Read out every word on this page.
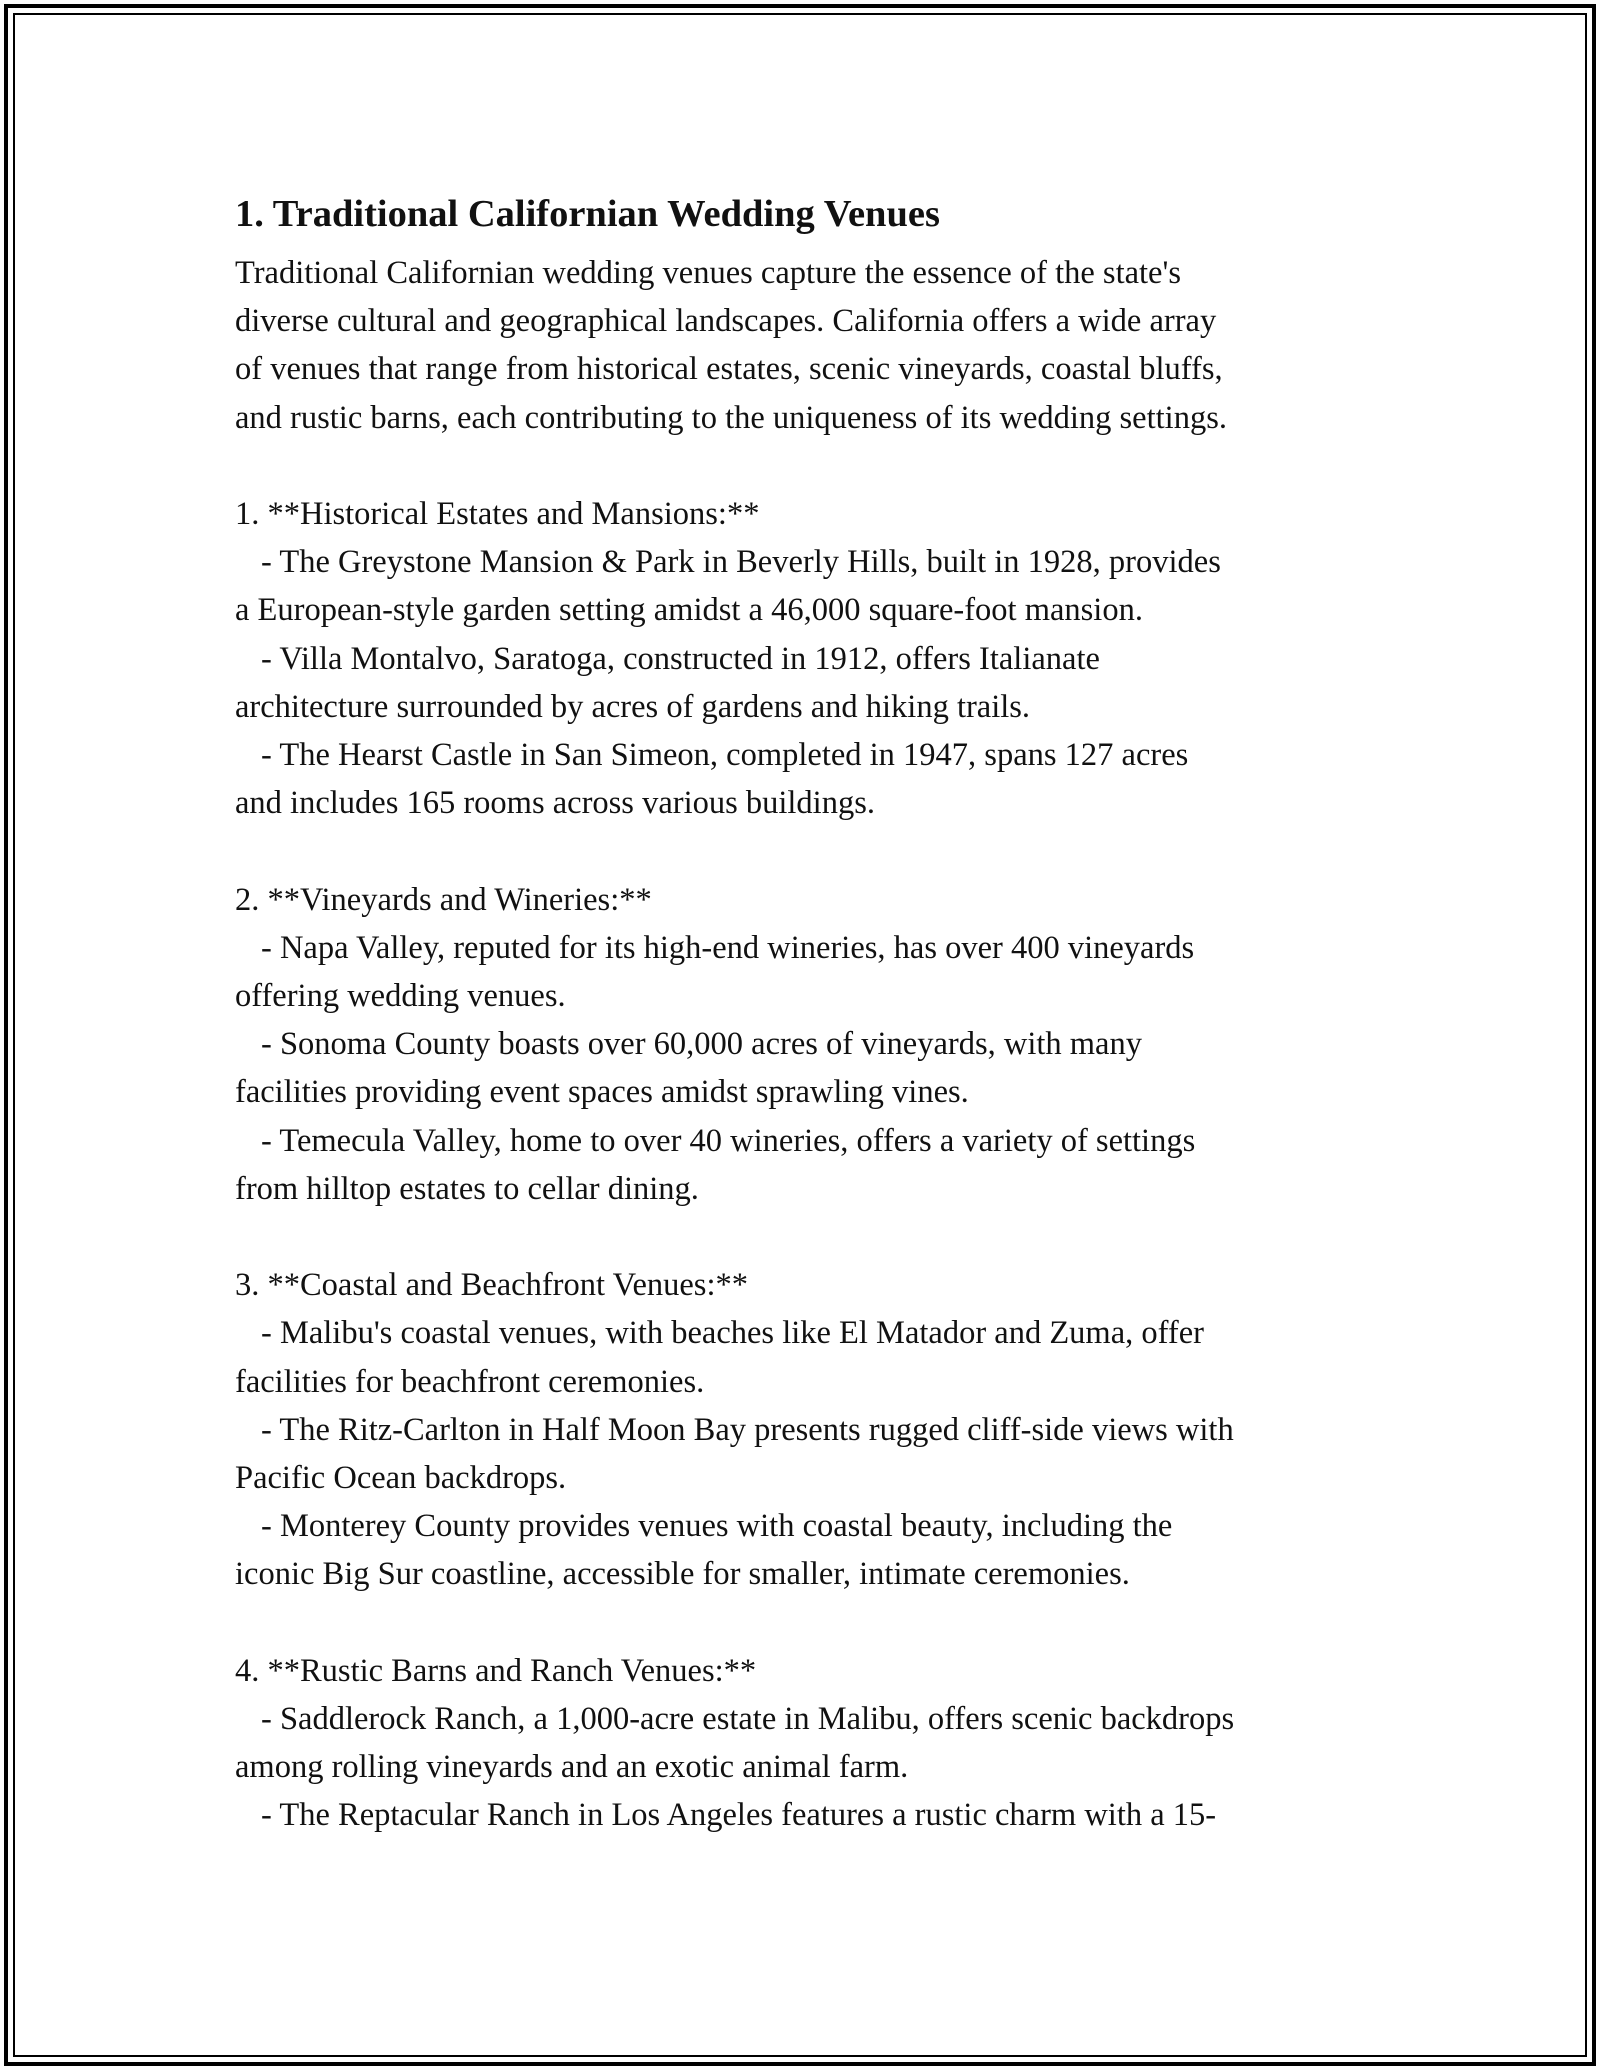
1. Traditional Californian Wedding Venues

Traditional Californian wedding venues capture the essence of the state's
diverse cultural and geographical landscapes. California offers a wide array
of venues that range from historical estates, scenic vineyards, coastal bluffs,
and rustic barns, each contributing to the uniqueness of its wedding settings.

1. **Historical Estates and Mansions:**

- The Greystone Mansion & Park in Beverly Hills, built in 1928, provides
a European-style garden setting amidst a 46,000 square-foot mansion.

- Villa Montalvo, Saratoga, constructed in 1912, offers Italianate
architecture surrounded by acres of gardens and hiking trails.

- The Hearst Castle in San Simeon, completed in 1947, spans 127 acres
and includes 165 rooms across various buildings.

2. **Vineyards and Wineries:**

- Napa Valley, reputed for its high-end wineries, has over 400 vineyards
offering wedding venues.

- Sonoma County boasts over 60,000 acres of vineyards, with many
facilities providing event spaces amidst sprawling vines.

- Temecula Valley, home to over 40 wineries, offers a variety of settings
from hilltop estates to cellar dining.

3. **Coastal and Beachfront Venues:**

- Malibu's coastal venues, with beaches like El Matador and Zuma, offer
facilities for beachfront ceremonies.

- The Ritz-Carlton in Half Moon Bay presents rugged cliff-side views with
Pacific Ocean backdrops.

- Monterey County provides venues with coastal beauty, including the
iconic Big Sur coastline, accessible for smaller, intimate ceremonies.

4. **Rustic Barns and Ranch Venues:**

- Saddlerock Ranch, a 1,000-acre estate in Malibu, offers scenic backdrops
among rolling vineyards and an exotic animal farm.

- The Reptacular Ranch in Los Angeles features a rustic charm with a 15-
